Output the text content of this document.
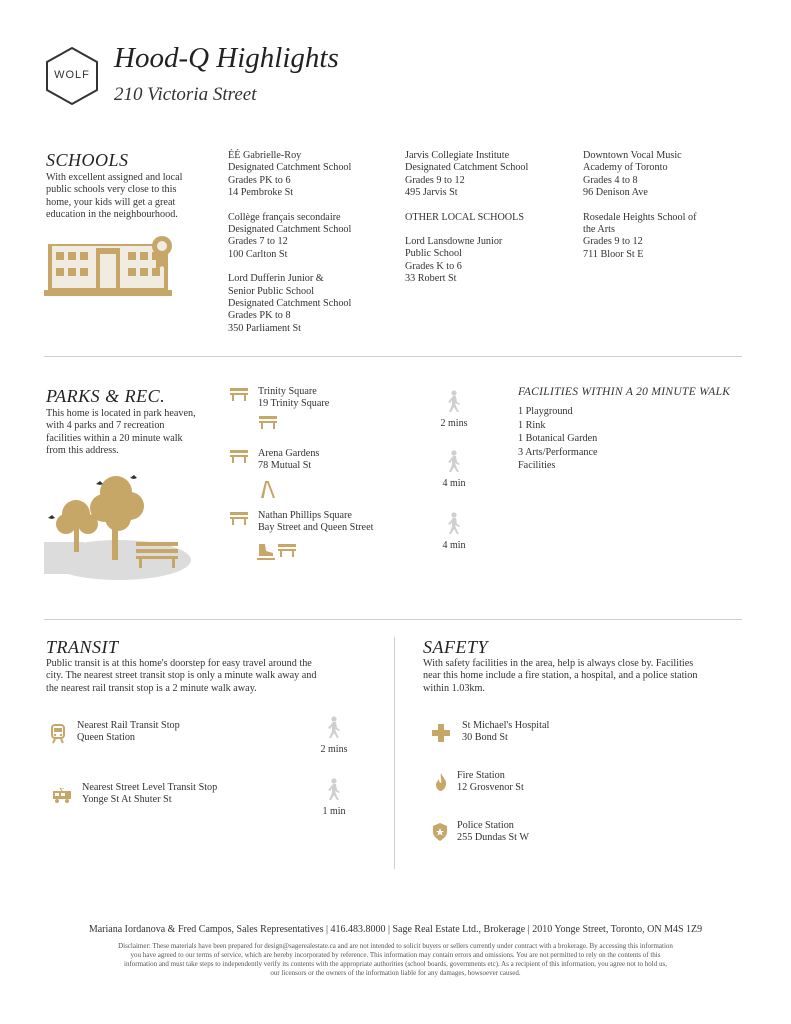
WOLF
Hood-Q Highlights
210 Victoria Street
SCHOOLS
With excellent assigned and local
public schools very close to this
home, your kids will get a great
education in the neighbourhood.
ÉÉ Gabrielle-Roy
Designated Catchment School
Grades PK to 6
14 Pembroke St
Collège français secondaire
Designated Catchment School
Grades 7 to 12
100 Carlton St
Lord Dufferin Junior &
Senior Public School
Designated Catchment School
Grades PK to 8
350 Parliament St
Jarvis Collegiate Institute
Designated Catchment School
Grades 9 to 12
495 Jarvis St
OTHER LOCAL SCHOOLS
Lord Lansdowne Junior
Public School
Grades K to 6
33 Robert St
Downtown Vocal Music
Academy of Toronto
Grades 4 to 8
96 Denison Ave
Rosedale Heights School of
the Arts
Grades 9 to 12
711 Bloor St E
PARKS & REC.
This home is located in park heaven,
with 4 parks and 7 recreation
facilities within a 20 minute walk
from this address.
Trinity Square
19 Trinity Square
Arena Gardens
78 Mutual St
Nathan Phillips Square
Bay Street and Queen Street
2 mins
4 min
4 min
FACILITIES WITHIN A 20 MINUTE WALK
1 Playground
1 Rink
1 Botanical Garden
3 Arts/Performance
Facilities
TRANSIT
Public transit is at this home's doorstep for easy travel around the
city. The nearest street transit stop is only a minute walk away and
the nearest rail transit stop is a 2 minute walk away.
Nearest Rail Transit Stop
Queen Station
2 mins
Nearest Street Level Transit Stop
Yonge St At Shuter St
1 min
SAFETY
With safety facilities in the area, help is always close by. Facilities
near this home include a fire station, a hospital, and a police station
within 1.03km.
St Michael's Hospital
30 Bond St
Fire Station
12 Grosvenor St
Police Station
255 Dundas St W
Mariana Iordanova & Fred Campos, Sales Representatives | 416.483.8000 | Sage Real Estate Ltd., Brokerage | 2010 Yonge Street, Toronto, ON M4S 1Z9
Disclaimer: These materials have been prepared for design@sagerealestate.ca and are not intended to solicit buyers or sellers currently under contract with a brokerage. By accessing this information
you have agreed to our terms of service, which are hereby incorporated by reference. This information may contain errors and omissions. You are not permitted to rely on the contents of this
information and must take steps to independently verify its contents with the appropriate authorities (school boards, governments etc). As a recipient of this information, you agree not to hold us,
our licensors or the owners of the information liable for any damages, howsoever caused.
